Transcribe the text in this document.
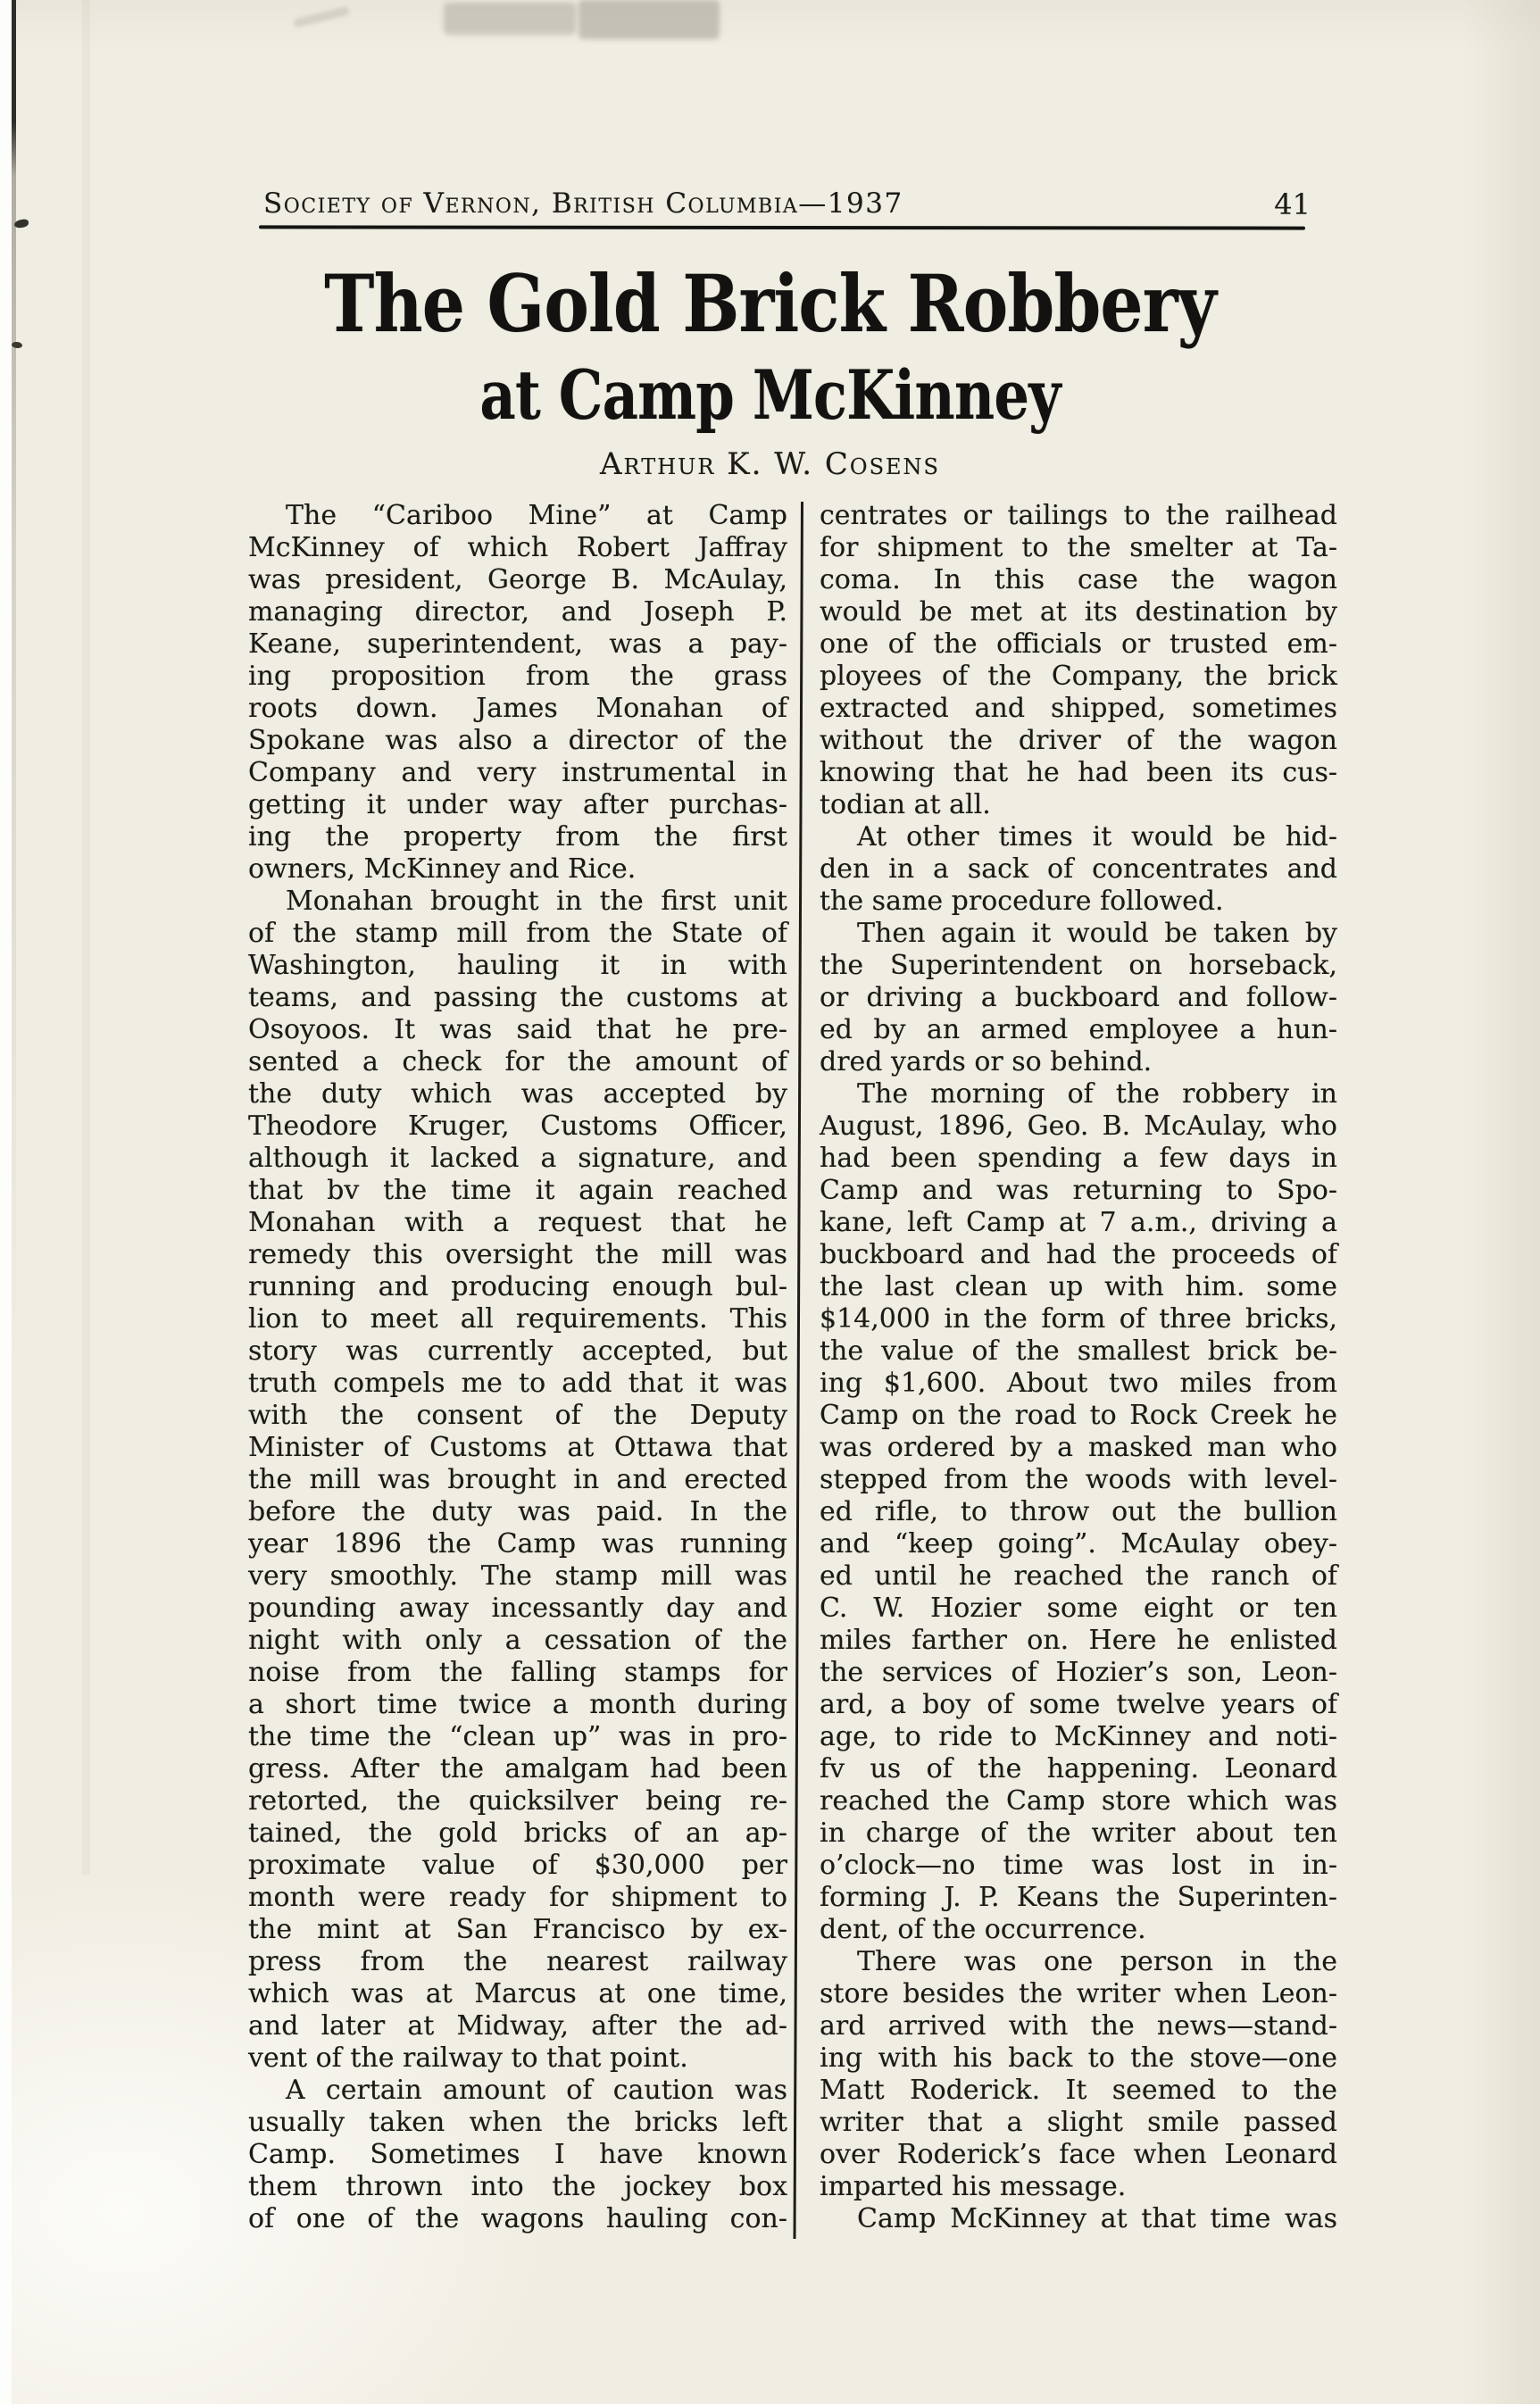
Society of Vernon, British Columbia—1937	41
The Gold Brick Robbery
at Camp McKinney
Arthur K. W. Cosens
The “Cariboo Mine” at Camp
McKinney of which Robert Jaffray
was president, George B. McAulay,
managing director, and Joseph P.
Keane, superintendent, was a pay-
ing proposition from the grass
roots down. James Monahan of
Spokane was also a director of the
Company and very instrumental in
getting it under way after purchas-
ing the property from the first
owners, McKinney and Rice.
Monahan brought in the first unit
of the stamp mill from the State of
Washington, hauling it in with
teams, and passing the customs at
Osoyoos. It was said that he pre-
sented a check for the amount of
the duty which was accepted by
Theodore Kruger, Customs Officer,
although it lacked a signature, and
that bv the time it again reached
Monahan with a request that he
remedy this oversight the mill was
running and producing enough bul-
lion to meet all requirements. This
story was currently accepted, but
truth compels me to add that it was
with the consent of the Deputy
Minister of Customs at Ottawa that
the mill was brought in and erected
before the duty was paid. In the
year 1896 the Camp was running
very smoothly. The stamp mill was
pounding away incessantly day and
night with only a cessation of the
noise from the falling stamps for
a short time twice a month during
the time the “clean up” was in pro-
gress. After the amalgam had been
retorted, the quicksilver being re-
tained, the gold bricks of an ap-
proximate value of $30,000 per
month were ready for shipment to
the mint at San Francisco by ex-
press from the nearest railway
which was at Marcus at one time,
and later at Midway, after the ad-
vent of the railway to that point.
A certain amount of caution was
usually taken when the bricks left
Camp. Sometimes I have known
them thrown into the jockey box
of one of the wagons hauling con-
centrates or tailings to the railhead
for shipment to the smelter at Ta-
coma. In this case the wagon
would be met at its destination by
one of the officials or trusted em-
ployees of the Company, the brick
extracted and shipped, sometimes
without the driver of the wagon
knowing that he had been its cus-
todian at all.
At other times it would be hid-
den in a sack of concentrates and
the same procedure followed.
Then again it would be taken by
the Superintendent on horseback,
or driving a buckboard and follow-
ed by an armed employee a hun-
dred yards or so behind.
The morning of the robbery in
August, 1896, Geo. B. McAulay, who
had been spending a few days in
Camp and was returning to Spo-
kane, left Camp at 7 a.m., driving a
buckboard and had the proceeds of
the last clean up with him. some
$14,000 in the form of three bricks,
the value of the smallest brick be-
ing $1,600. About two miles from
Camp on the road to Rock Creek he
was ordered by a masked man who
stepped from the woods with level-
ed rifle, to throw out the bullion
and “keep going”. McAulay obey-
ed until he reached the ranch of
C. W. Hozier some eight or ten
miles farther on. Here he enlisted
the services of Hozier’s son, Leon-
ard, a boy of some twelve years of
age, to ride to McKinney and noti-
fv us of the happening. Leonard
reached the Camp store which was
in charge of the writer about ten
o’clock—no time was lost in in-
forming J. P. Keans the Superinten-
dent, of the occurrence.
There was one person in the
store besides the writer when Leon-
ard arrived with the news—stand-
ing with his back to the stove—one
Matt Roderick. It seemed to the
writer that a slight smile passed
over Roderick’s face when Leonard
imparted his message.
Camp McKinney at that time was
